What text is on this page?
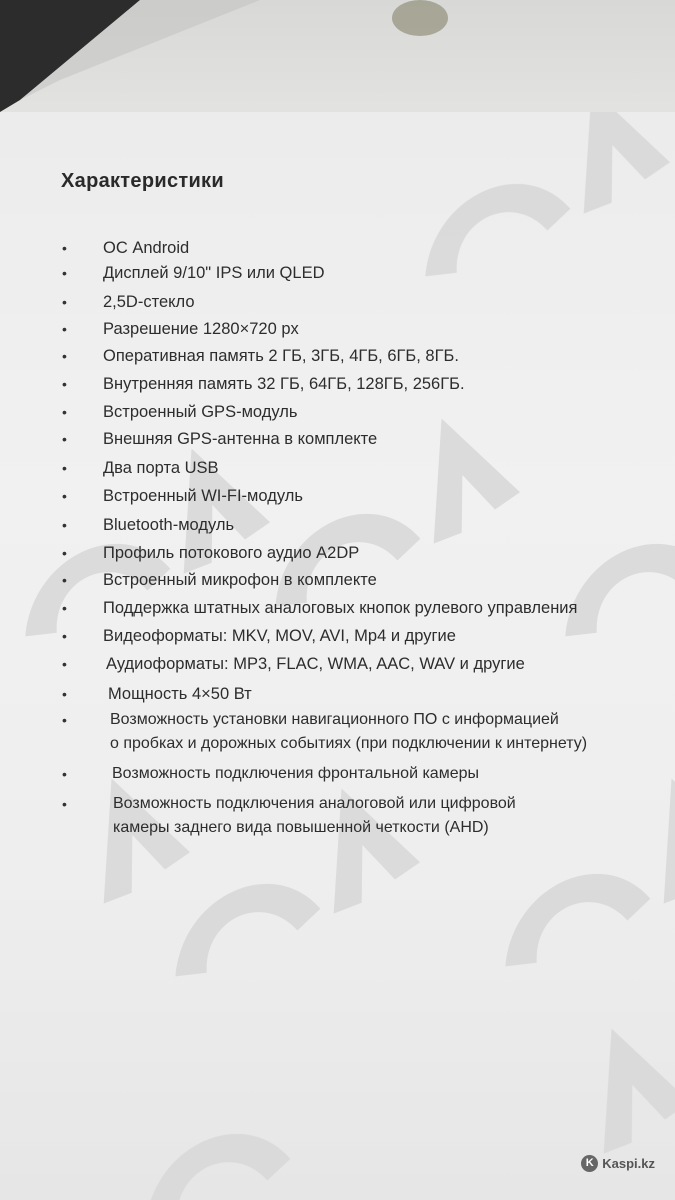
Характеристики
• ОС Android
• Дисплей 9/10" IPS или QLED
• 2,5D-стекло
• Разрешение 1280×720 px
• Оперативная память 2 ГБ, 3ГБ, 4ГБ, 6ГБ, 8ГБ.
• Внутренняя память 32 ГБ, 64ГБ, 128ГБ, 256ГБ.
• Встроенный GPS-модуль
• Внешняя GPS-антенна в комплекте
• Два порта USB
• Встроенный WI-FI-модуль
• Bluetooth-модуль
• Профиль потокового аудио A2DP
• Встроенный микрофон в комплекте
• Поддержка штатных аналоговых кнопок рулевого управления
• Видеоформаты: MKV, MOV, AVI, Mp4 и другие
• Аудиоформаты: MP3, FLAC, WMA, AAC, WAV и другие
• Мощность 4×50 Вт
•	Возможность установки навигационного ПО с информацией
о пробках и дорожных событиях (при подключении к интернету)
•	Возможность подключения фронтальной камеры
•	Возможность подключения аналоговой или цифровой
камеры заднего вида повышенной четкости (AHD)
K Kaspi.kz
